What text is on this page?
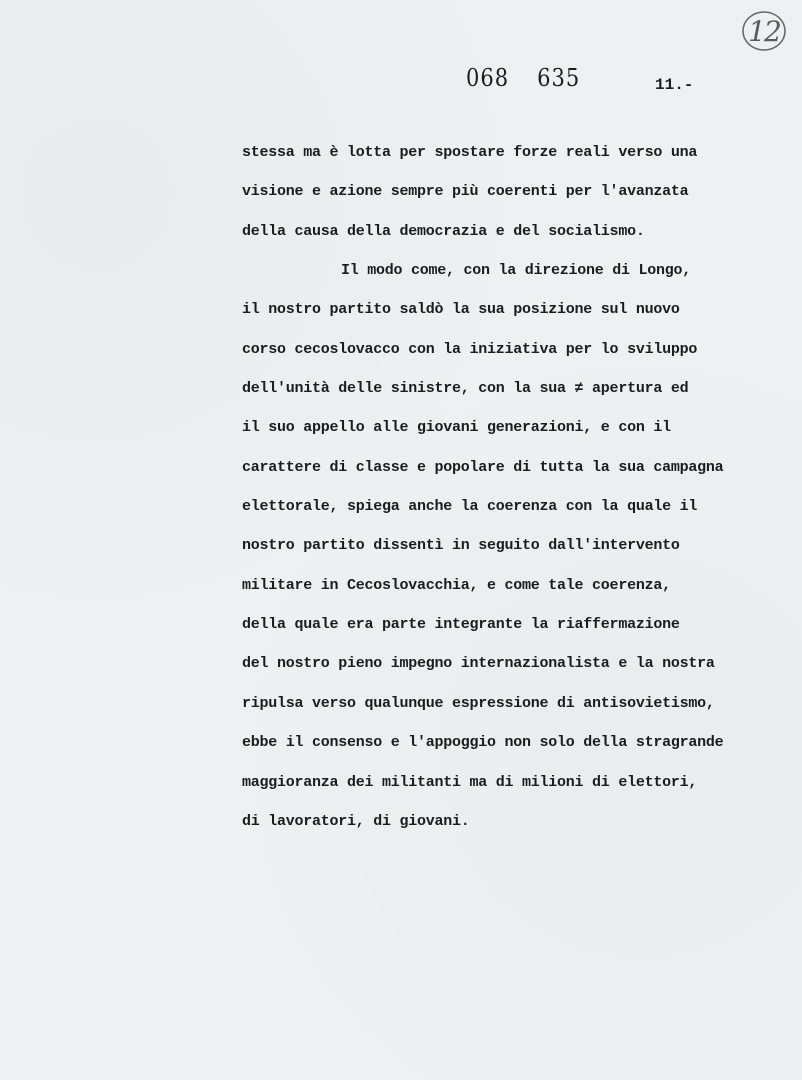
12
068 635	11.-
stessa ma è lotta per spostare forze reali verso una
visione e azione sempre più coerenti per l'avanzata
della causa della democrazia e del socialismo.
Il modo come, con la direzione di Longo,
il nostro partito saldò la sua posizione sul nuovo
corso cecoslovacco con la iniziativa per lo sviluppo
dell'unità delle sinistre, con la sua ≠ apertura ed
il suo appello alle giovani generazioni, e con il
carattere di classe e popolare di tutta la sua campagna
elettorale, spiega anche la coerenza con la quale il
nostro partito dissentì in seguito dall'intervento
militare in Cecoslovacchia, e come tale coerenza,
della quale era parte integrante la riaffermazione
del nostro pieno impegno internazionalista e la nostra
ripulsa verso qualunque espressione di antisovietismo,
ebbe il consenso e l'appoggio non solo della stragrande
maggioranza dei militanti ma di milioni di elettori,
di lavoratori, di giovani.
